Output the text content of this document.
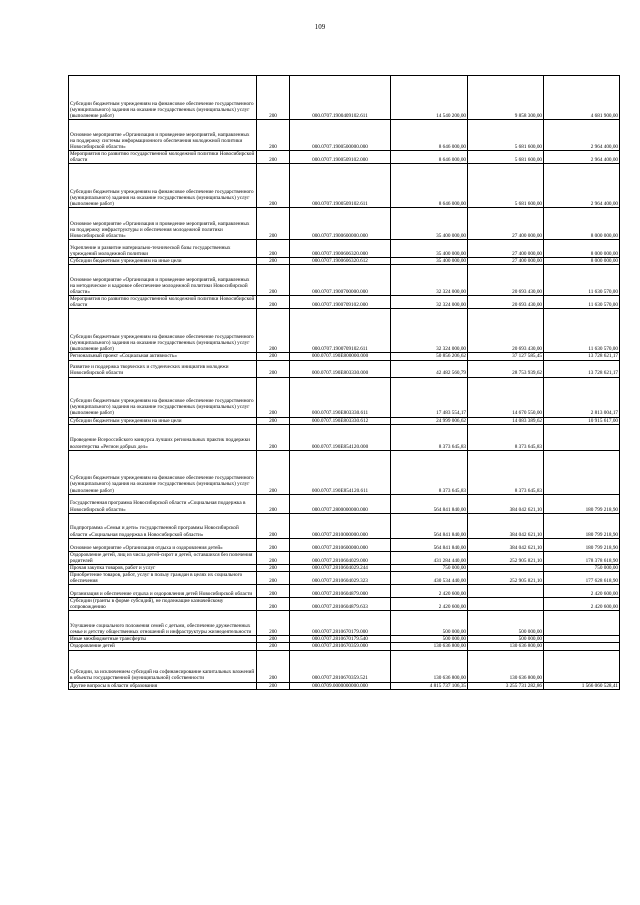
109
Субсидии бюджетным учреждениям на финансовое обеспечение государственного (муниципального) задания на оказание государственных (муниципальных) услуг (выполнение работ)	200	000.0707.1900409102.611	14 540 200,00	9 858 300,00	4 681 900,00
Основное мероприятие «Организация и проведение мероприятий, направленных на поддержку системы информационного обеспечения молодежной политики Новосибирской области»	200	000.0707.1900500000.000	8 646 000,00	5 681 600,00	2 964 400,00
Мероприятия по развитию государственной молодежной политики Новосибирской области	200	000.0707.1900509102.000	8 646 000,00	5 681 600,00	2 964 400,00
Субсидии бюджетным учреждениям на финансовое обеспечение государственного (муниципального) задания на оказание государственных (муниципальных) услуг (выполнение работ)	200	000.0707.1900509102.611	8 646 000,00	5 681 600,00	2 964 400,00
Основное мероприятие «Организация и проведение мероприятий, направленных на поддержку инфраструктуры и обеспечения молодежной политики Новосибирской области»	200	000.0707.1900600000.000	35 400 000,00	27 400 000,00	8 000 000,00
Укрепление и развитие материально-технической базы государственных учреждений молодежной политики	200	000.0707.1900606320.000	35 400 000,00	27 400 000,00	8 000 000,00
Субсидии бюджетным учреждениям на иные цели	200	000.0707.1900606320.612	35 400 000,00	27 400 000,00	8 000 000,00
Основное мероприятие «Организация и проведение мероприятий, направленных на методическое и кадровое обеспечение молодежной политики Новосибирской области»	200	000.0707.1900700000.000	32 324 000,00	20 693 430,00	11 630 570,00
Мероприятия по развитию государственной молодежной политики Новосибирской области	200	000.0707.1900709102.000	32 324 000,00	20 693 430,00	11 630 570,00
Субсидии бюджетным учреждениям на финансовое обеспечение государственного (муниципального) задания на оказание государственных (муниципальных) услуг (выполнение работ)	200	000.0707.1900709102.611	32 324 000,00	20 693 430,00	11 630 570,00
Региональный проект «Социальная активность»	200	000.0707.190E800000.000	50 856 206,62	37 127 585,45	13 728 621,17
Развитие и поддержка творческих и студенческих инициатив молодежи Новосибирской области	200	000.0707.190E803330.000	42 482 560,79	28 753 939,62	13 728 621,17
Субсидии бюджетным учреждениям на финансовое обеспечение государственного (муниципального) задания на оказание государственных (муниципальных) услуг (выполнение работ)	200	000.0707.190E803330.611	17 483 554,17	14 670 550,00	2 813 004,17
Субсидии бюджетным учреждениям на иные цели	200	000.0707.190E803330.612	24 999 006,62	14 083 389,62	10 915 617,00
Проведение Всероссийского конкурса лучших региональных практик поддержки волонтерства «Регион добрых дел»	200	000.0707.190E854120.000	8 373 645,83	8 373 645,83	
Субсидии бюджетным учреждениям на финансовое обеспечение государственного (муниципального) задания на оказание государственных (муниципальных) услуг (выполнение работ)	200	000.0707.190E854120.611	8 373 645,83	8 373 645,83	
Государственная программа Новосибирской области «Социальная поддержка в Новосибирской области»	200	000.0707.2800000000.000	564 841 840,00	384 042 621,10	180 799 218,90
Подпрограмма «Семья и дети» государственной программы Новосибирской области «Социальная поддержка в Новосибирской области»	200	000.0707.2810000000.000	564 841 840,00	384 042 621,10	180 799 218,90
Основное мероприятие «Организация отдыха и оздоровления детей»	200	000.0707.2810600000.000	564 841 840,00	384 042 621,10	180 799 218,90
Оздоровление детей, лиц из числа детей-сирот и детей, оставшихся без попечения родителей	200	000.0707.2810604029.000	431 284 440,00	252 905 821,10	178 378 618,90
Прочая закупка товаров, работ и услуг	200	000.0707.2810604029.244	750 000,00		750 000,00
Приобретение товаров, работ, услуг в пользу граждан в целях их социального обеспечения	200	000.0707.2810604029.323	430 534 440,00	252 905 821,10	177 628 618,90
Организация и обеспечение отдыха и оздоровления детей Новосибирской области	200	000.0707.2810604879.000	2 420 600,00		2 420 600,00
Субсидии (гранты в форме субсидий), не подлежащие казначейскому сопровождению	200	000.0707.2810604879.633	2 420 600,00		2 420 600,00
Улучшение социального положения семей с детьми, обеспечение дружественных семье и детству общественных отношений и инфраструктуры жизнедеятельности	200	000.0707.2810670179.000	500 000,00	500 000,00	
Иные межбюджетные трансферты	200	000.0707.2810670179.540	500 000,00	500 000,00	
Оздоровление детей	200	000.0707.2810670359.000	130 636 800,00	130 636 800,00	
Субсидии, за исключением субсидий на софинансирование капитальных вложений в объекты государственной (муниципальной) собственности	200	000.0707.2810670359.521	130 636 800,00	130 636 800,00	
Другие вопросы в области образования	200	000.0709.0000000000.000	4 815 737 106,35	3 255 731 282,86	1 566 060 528,41
